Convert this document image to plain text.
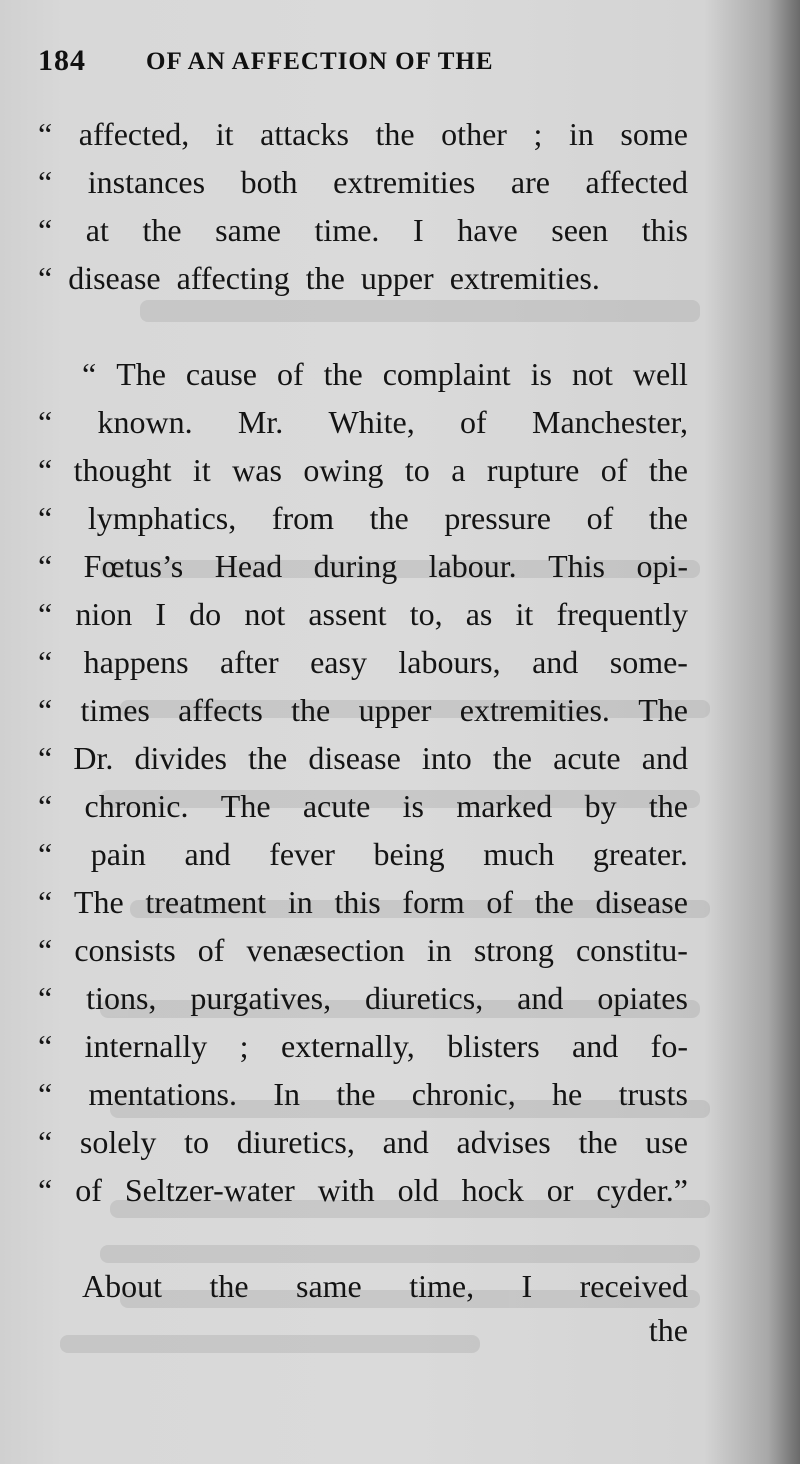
184 OF AN AFFECTION OF THE
“ affected, it attacks the other ; in some
“ instances both extremities are affected
“ at the same time. I have seen this
“ disease affecting the upper extremities.
“ The cause of the complaint is not well
“ known. Mr. White, of Manchester,
“ thought it was owing to a rupture of the
“ lymphatics, from the pressure of the
“ Fœtus’s Head during labour. This opi-
“ nion I do not assent to, as it frequently
“ happens after easy labours, and some-
“ times affects the upper extremities. The
“ Dr. divides the disease into the acute and
“ chronic. The acute is marked by the
“ pain and fever being much greater.
“ The treatment in this form of the disease
“ consists of venæsection in strong constitu-
“ tions, purgatives, diuretics, and opiates
“ internally ; externally, blisters and fo-
“ mentations. In the chronic, he trusts
“ solely to diuretics, and advises the use
“ of Seltzer-water with old hock or cyder.”
About the same time, I received
the
